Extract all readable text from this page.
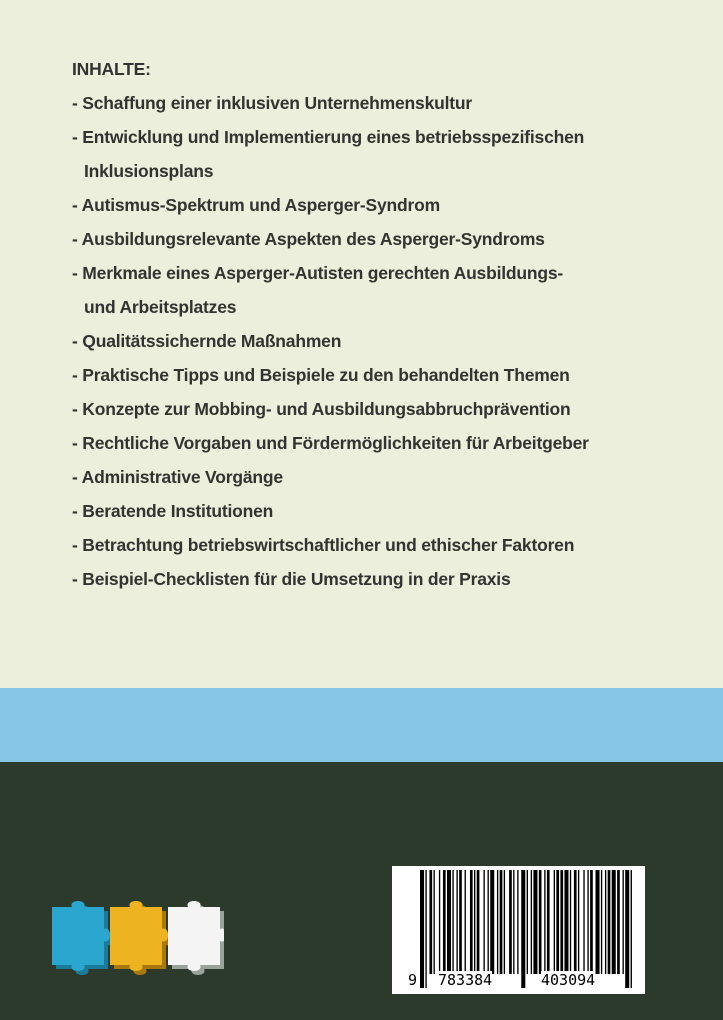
INHALTE:
- Schaffung einer inklusiven Unternehmenskultur
- Entwicklung und Implementierung eines betriebsspezifischen
Inklusionsplans
- Autismus-Spektrum und Asperger-Syndrom
- Ausbildungsrelevante Aspekten des Asperger-Syndroms
- Merkmale eines Asperger-Autisten gerechten Ausbildungs-
und Arbeitsplatzes
- Qualitätssichernde Maßnahmen
- Praktische Tipps und Beispiele zu den behandelten Themen
- Konzepte zur Mobbing- und Ausbildungsabbruchprävention
- Rechtliche Vorgaben und Fördermöglichkeiten für Arbeitgeber
- Administrative Vorgänge
- Beratende Institutionen
- Betrachtung betriebswirtschaftlicher und ethischer Faktoren
- Beispiel-Checklisten für die Umsetzung in der Praxis
9 783384	403094
